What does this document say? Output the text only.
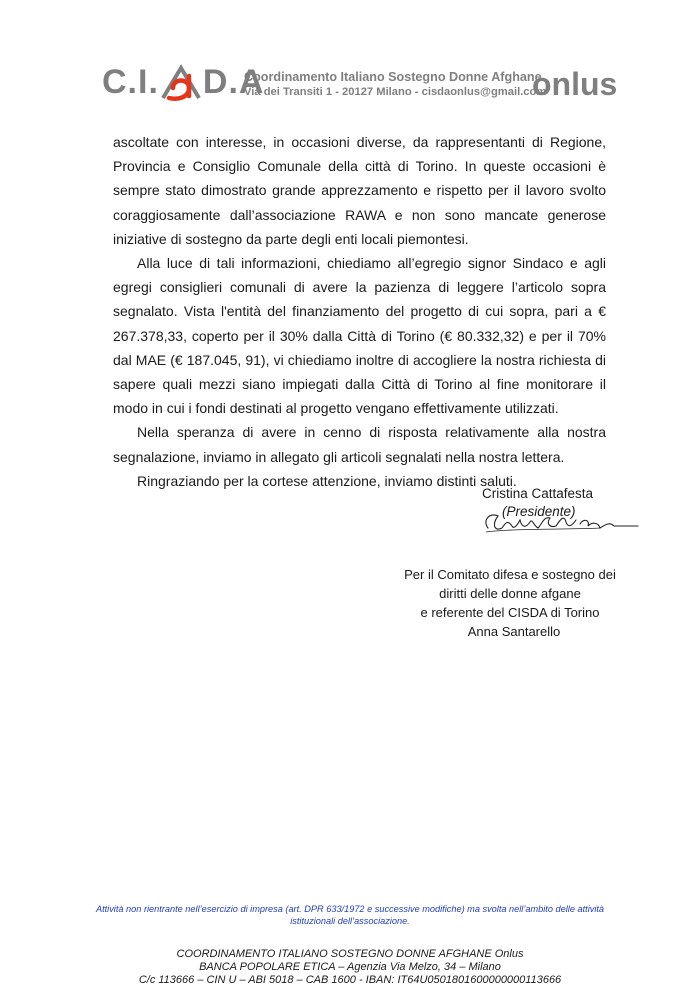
C.I. D.A
Coordinamento Italiano Sostegno Donne Afghane
Via dei Transiti 1 - 20127 Milano - cisdaonlus@gmail.com
onlus

ascoltate con interesse, in occasioni diverse, da rappresentanti di Regione, Provincia e Consiglio Comunale della città di Torino. In queste occasioni è sempre stato dimostrato grande apprezzamento e rispetto per il lavoro svolto coraggiosamente dall’associazione RAWA e non sono mancate generose iniziative di sostegno da parte degli enti locali piemontesi.

Alla luce di tali informazioni, chiediamo all’egregio signor Sindaco e agli egregi consiglieri comunali di avere la pazienza di leggere l’articolo sopra segnalato. Vista l'entità del finanziamento del progetto di cui sopra, pari a € 267.378,33, coperto per il 30% dalla Città di Torino (€ 80.332,32) e per il 70% dal MAE (€ 187.045, 91), vi chiediamo inoltre di accogliere la nostra richiesta di sapere quali mezzi siano impiegati dalla Città di Torino al fine monitorare il modo in cui i fondi destinati al progetto vengano effettivamente utilizzati.

Nella speranza di avere in cenno di risposta relativamente alla nostra segnalazione, inviamo in allegato gli articoli segnalati nella nostra lettera.

Ringraziando per la cortese attenzione, inviamo distinti saluti.

Cristina Cattafesta
(Presidente)
Per il Comitato difesa e sostegno dei
diritti delle donne afgane
e referente del CISDA di Torino
Anna Santarello
Attività non rientrante nell’esercizio di impresa (art. DPR 633/1972 e successive modifiche) ma svolta nell’ambito delle attività istituzionali dell’associazione.
COORDINAMENTO ITALIANO SOSTEGNO DONNE AFGHANE Onlus
BANCA POPOLARE ETICA – Agenzia Via Melzo, 34 – Milano
C/c 113666 – CIN U – ABI 5018 – CAB 1600 - IBAN: IT64U0501801600000000113666
